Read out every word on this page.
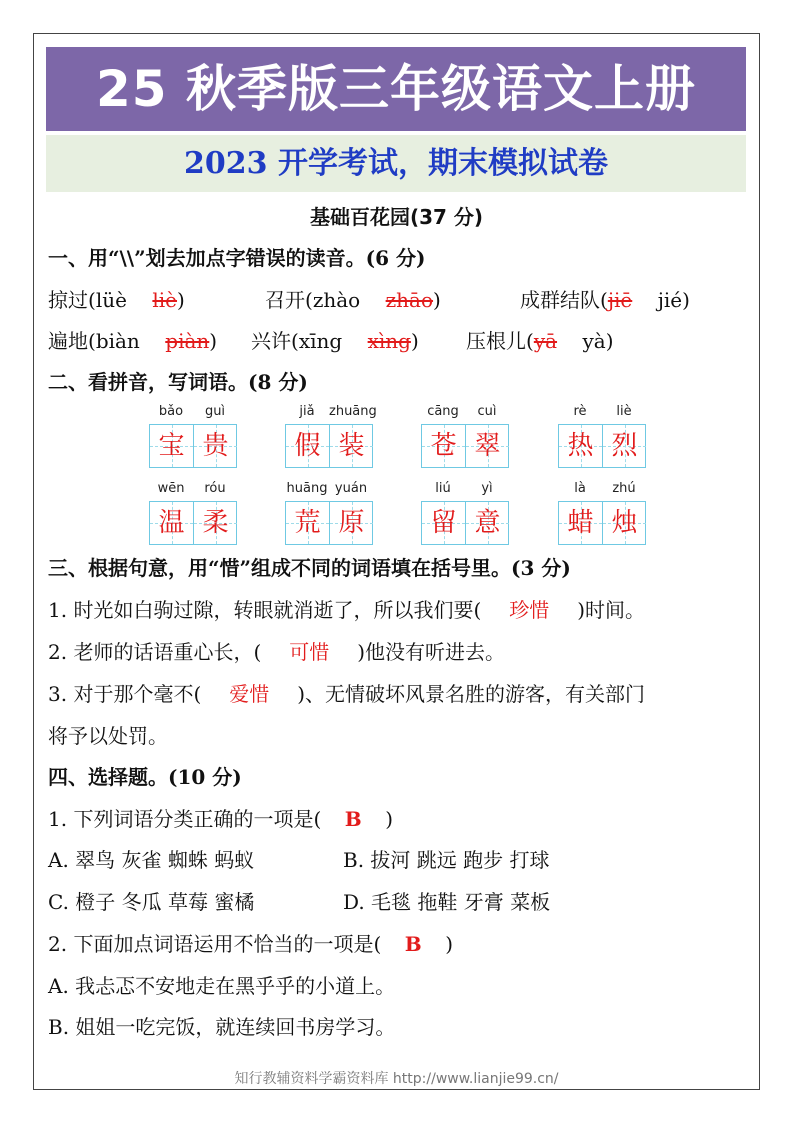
25 秋季版三年级语文上册
2023 开学考试，期末模拟试卷
基础百花园(37 分)
一、用“\\”划去加点字错误的读音。(6 分)
掠过(lüè liè)	召开(zhào zhāo)	成群结队(jiē jié)
遍地(biàn piàn) 兴许(xīng xìng) 压根儿(yā yà)
二、看拼音，写词语。(8 分)
bǎo	guì
宝 贵
jiǎ	zhuāng
假 装
cāng	cuì
苍 翠
rè	liè
热 烈
wēn	róu
温 柔
huāng yuán
荒 原
liú	yì
留 意
là	zhú
蜡 烛
三、根据句意，用“惜”组成不同的词语填在括号里。(3 分)
1. 时光如白驹过隙，转眼就消逝了，所以我们要( 珍惜 )时间。
2. 老师的话语重心长，( 可惜 )他没有听进去。
3. 对于那个毫不( 爱惜 )、无情破坏风景名胜的游客，有关部门
将予以处罚。
四、选择题。(10 分)
1. 下列词语分类正确的一项是( B )
A. 翠鸟 灰雀 蜘蛛 蚂蚁	B. 拔河 跳远 跑步 打球
C. 橙子 冬瓜 草莓 蜜橘	D. 毛毯 拖鞋 牙膏 菜板
2. 下面加点词语运用不恰当的一项是( B )
A. 我忐忑不安地走在黑乎乎的小道上。
B. 姐姐一吃完饭，就连续回书房学习。
知行教辅资料学霸资料库 http://www.lianjie99.cn/
